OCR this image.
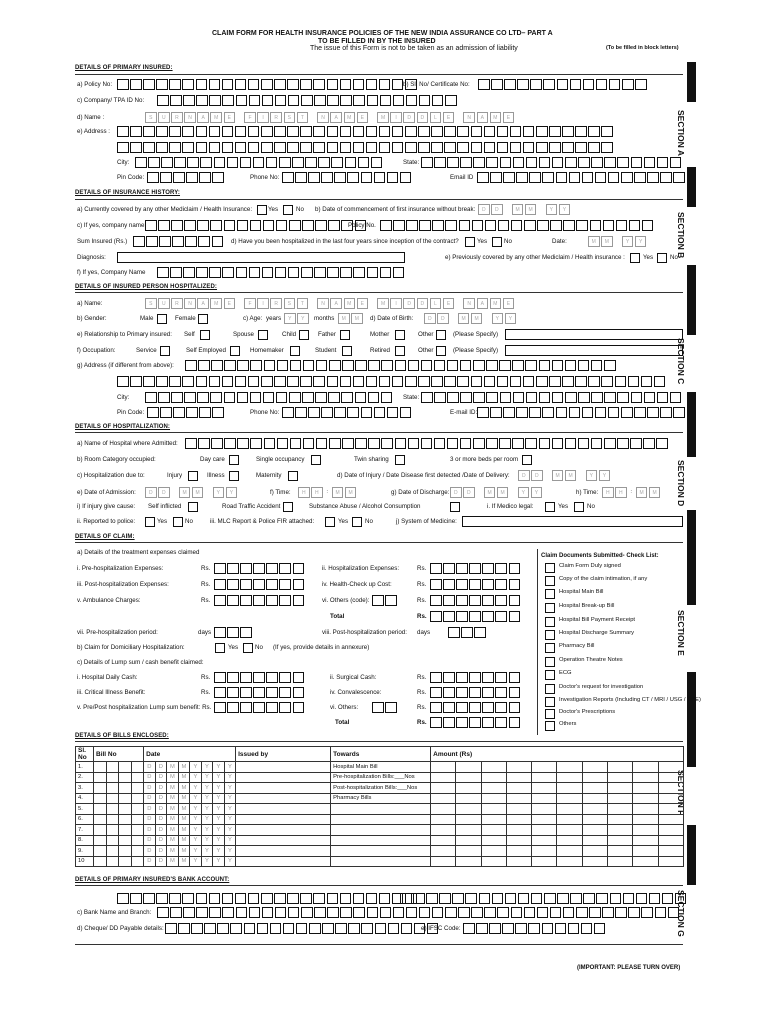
CLAIM FORM FOR HEALTH INSURANCE POLICIES OF THE NEW INDIA ASSURANCE CO LTD– PART A
TO BE FILLED IN BY THE INSURED
The issue of this Form is not to be taken as an admission of liability	(To be filled in block letters)
SECTION A
SECTION B
SECTION C
SECTION D
SECTION E
SECTION F
SECTION G
DETAILS OF PRIMARY INSURED:
a) Policy No:	b) Sl. No/ Certificate No:
c) Company/ TPA ID No:
d) Name :	S	U	R	N	A	M	E	F	I	R	S	T	N	A	M	E	M	I	D	D	L	E	N	A	M	E
e) Address :
City:	State:
Pin Code:	Phone No:	Email ID
DETAILS OF INSURANCE HISTORY:
a) Currently covered by any other Mediclaim / Health Insurance:	Yes	No b) Date of commencement of first insurance without break:	D	D	M	M	Y	Y
c) If yes, company name:	Policy No.
Sum Insured (Rs.)	d) Have you been hospitalized in the last four years since inception of the contract?	Yes	No	Date:	M	M	Y	Y
Diagnosis:	e) Previously covered by any other Mediclaim / Health insurance :	Yes	No
f) If yes, Company Name
DETAILS OF INSURED PERSON HOSPITALIZED:
a) Name:	S	U	R	N	A	M	E	F	I	R	S	T	N	A	M	E	M	I	D	D	L	E	N	A	M	E
b) Gender:	Male	Female	c) Age: years	Y	Y	months	M	M	d) Date of Birth:	D	D	M	M	Y	Y
e) Relationship to Primary insured: Self	Spouse	Child	Father	Mother	Other	(Please Specify)
f) Occupation:	Service	Self Employed	Homemaker	Student	Retired	Other	(Please Specify)
g) Address (if different from above):
City:	State:
Pin Code:	Phone No:	E-mail ID:
DETAILS OF HOSPITALIZATION:
a) Name of Hospital where Admitted:
b) Room Category occupied:	Day care	Single occupancy	Twin sharing	3 or more beds per room
c) Hospitalization due to:	Injury	Illness	Maternity	d) Date of Injury / Date Disease first detected /Date of Delivery:	D	D	M	M	Y	Y
e) Date of Admission:	D	D	M	M	Y	Y	f) Time:	H	H	:	M	M	g) Date of Discharge: D	D	M	M	Y	Y	h) Time:	H	H	:	M	M
i) If injury give cause: Self inflicted	Road Traffic Accident	Substance Abuse / Alcohol Consumption	i. If Medico legal:	Yes	No
ii. Reported to police:	Yes	No	iii. MLC Report & Police FIR attached:	Yes	No	j) System of Medicine:
DETAILS OF CLAIM:
a) Details of the treatment expenses claimed
i. Pre-hospitalization Expenses:	Rs.	ii. Hospitalization Expenses:	Rs.
iii. Post-hospitalization Expenses:	Rs.	iv. Health-Check up Cost:	Rs.
v. Ambulance Charges:	Rs.	vi. Others (code):	Rs.
Total	Rs.
vii. Pre-hospitalization period:	days	viii. Post-hospitalization period: days
b) Claim for Domiciliary Hospitalization:	Yes	No (If yes, provide details in annexure)
c) Details of Lump sum / cash benefit claimed:
i. Hospital Daily Cash:	Rs.	ii. Surgical Cash:	Rs.
iii. Critical Illness Benefit:	Rs.	iv. Convalescence:	Rs.
v. Pre/Post hospitalization Lump sum benefit: Rs.	vi. Others:	Rs.
Total	Rs.
Claim Documents Submitted- Check List:
Claim Form Duly signed
Copy of the claim intimation, if any
Hospital Main Bill
Hospital Break-up Bill
Hospital Bill Payment Receipt
Hospital Discharge Summary
Pharmacy Bill
Operation Theatre Notes
ECG
Doctor's request for investigation
Investigation Reports (Including CT / MRI / USG / HPE)
Doctor's Prescriptions
Others
DETAILS OF BILLS ENCLOSED:
Sl. No	Bill No				Date								Issued by	Towards	Amount (Rs)									
1.					D	D	M	M	Y	Y	Y	Y		Hospital Main Bill										
2.					D	D	M	M	Y	Y	Y	Y		Pre-hospitalization Bills:___Nos										
3.					D	D	M	M	Y	Y	Y	Y		Post-hospitalization Bills:___Nos										
4.					D	D	M	M	Y	Y	Y	Y		Pharmacy Bills										
5.					D	D	M	M	Y	Y	Y	Y												
6.					D	D	M	M	Y	Y	Y	Y												
7.					D	D	M	M	Y	Y	Y	Y												
8.					D	D	M	M	Y	Y	Y	Y												
9.					D	D	M	M	Y	Y	Y	Y												
10					D	D	M	M	Y	Y	Y	Y												
DETAILS OF PRIMARY INSURED'S BANK ACCOUNT:
c) Bank Name and Branch:
d) Cheque/ DD Payable details:	e) IFSC Code:
(IMPORTANT: PLEASE TURN OVER)
